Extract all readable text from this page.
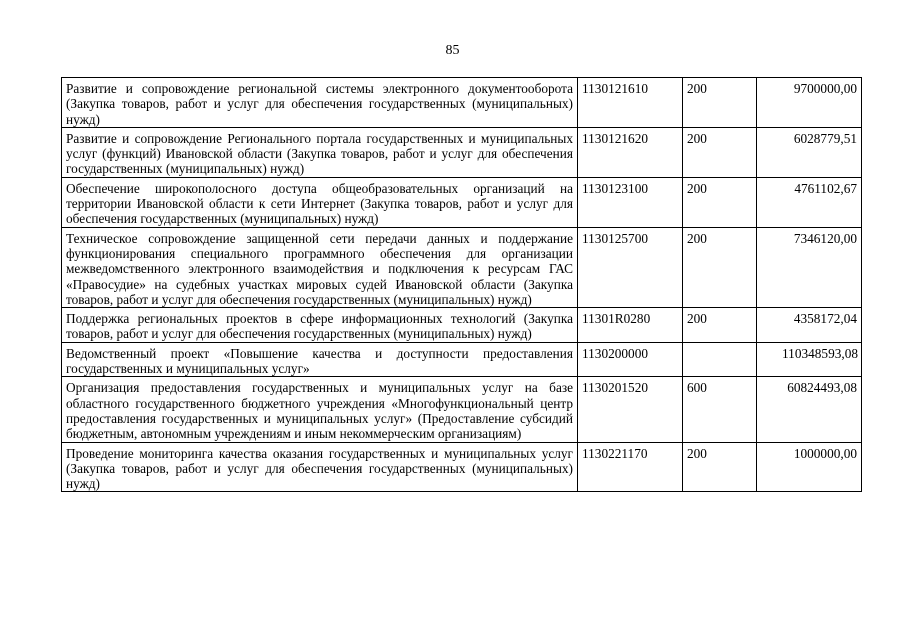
85
Развитие и сопровождение региональной системы электронного документооборота (Закупка товаров, работ и услуг для обеспечения государственных (муниципальных) нужд)	1130121610	200	9700000,00
Развитие и сопровождение Регионального портала государственных и муниципальных услуг (функций) Ивановской области (Закупка товаров, работ и услуг для обеспечения государственных (муниципальных) нужд)	1130121620	200	6028779,51
Обеспечение широкополосного доступа общеобразовательных организаций на территории Ивановской области к сети Интернет (Закупка товаров, работ и услуг для обеспечения государственных (муниципальных) нужд)	1130123100	200	4761102,67
Техническое сопровождение защищенной сети передачи данных и поддержание функционирования специального программного обеспечения для организации межведомственного электронного взаимодействия и подключения к ресурсам ГАС «Правосудие» на судебных участках мировых судей Ивановской области (Закупка товаров, работ и услуг для обеспечения государственных (муниципальных) нужд)	1130125700	200	7346120,00
Поддержка региональных проектов в сфере информационных технологий (Закупка товаров, работ и услуг для обеспечения государственных (муниципальных) нужд)	11301R0280	200	4358172,04
Ведомственный проект «Повышение качества и доступности предоставления государственных и муниципальных услуг»	1130200000		110348593,08
Организация предоставления государственных и муниципальных услуг на базе областного государственного бюджетного учреждения «Многофункциональный центр предоставления государственных и муниципальных услуг» (Предоставление субсидий бюджетным, автономным учреждениям и иным некоммерческим организациям)	1130201520	600	60824493,08
Проведение мониторинга качества оказания государственных и муниципальных услуг (Закупка товаров, работ и услуг для обеспечения государственных (муниципальных) нужд)	1130221170	200	1000000,00
